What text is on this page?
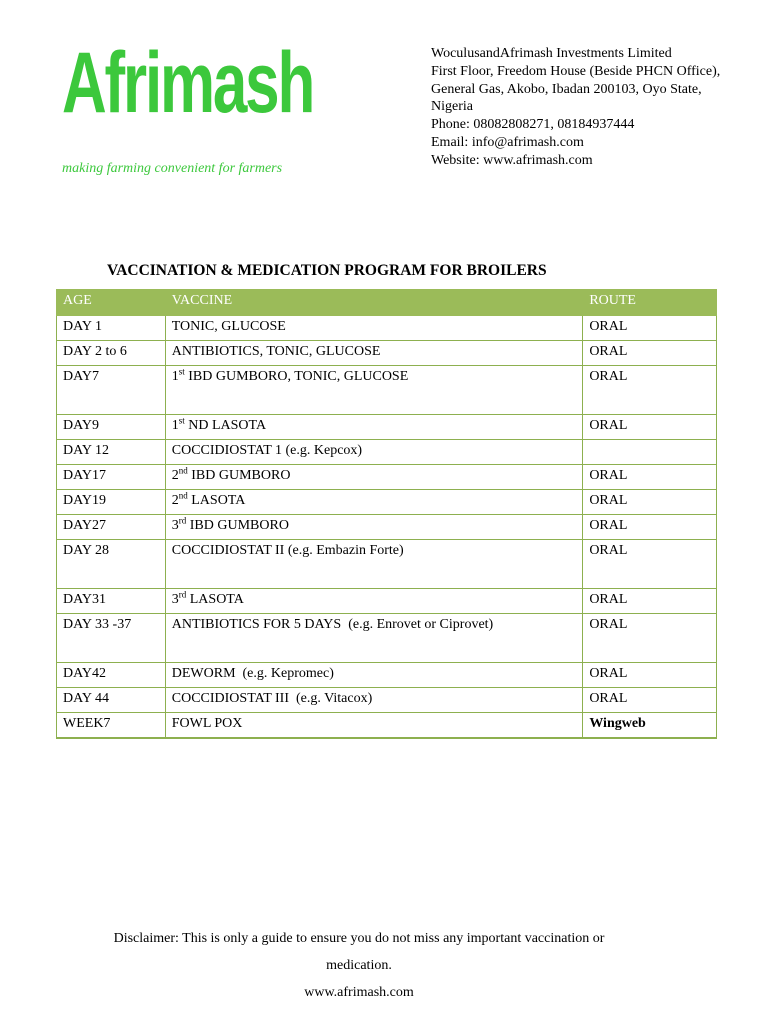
Afrimash
making farming convenient for farmers
WoculusandAfrimash Investments Limited
First Floor, Freedom House (Beside PHCN Office),
General Gas, Akobo, Ibadan 200103, Oyo State,
Nigeria
Phone: 08082808271, 08184937444
Email: info@afrimash.com
Website: www.afrimash.com
VACCINATION & MEDICATION PROGRAM FOR BROILERS
AGE	VACCINE	ROUTE
DAY 1	TONIC, GLUCOSE	ORAL
DAY 2 to 6	ANTIBIOTICS, TONIC, GLUCOSE	ORAL
DAY7	1st IBD GUMBORO, TONIC, GLUCOSE	ORAL
DAY9	1st ND LASOTA	ORAL
DAY 12	COCCIDIOSTAT 1 (e.g. Kepcox)	
DAY17	2nd IBD GUMBORO	ORAL
DAY19	2nd LASOTA	ORAL
DAY27	3rd IBD GUMBORO	ORAL
DAY 28	COCCIDIOSTAT II (e.g. Embazin Forte)	ORAL
DAY31	3rd LASOTA	ORAL
DAY 33 -37	ANTIBIOTICS FOR 5 DAYS  (e.g. Enrovet or Ciprovet)	ORAL
DAY42	DEWORM  (e.g. Kepromec)	ORAL
DAY 44	COCCIDIOSTAT III  (e.g. Vitacox)	ORAL
WEEK7	FOWL POX	Wingweb
Disclaimer: This is only a guide to ensure you do not miss any important vaccination or
medication.
www.afrimash.com
